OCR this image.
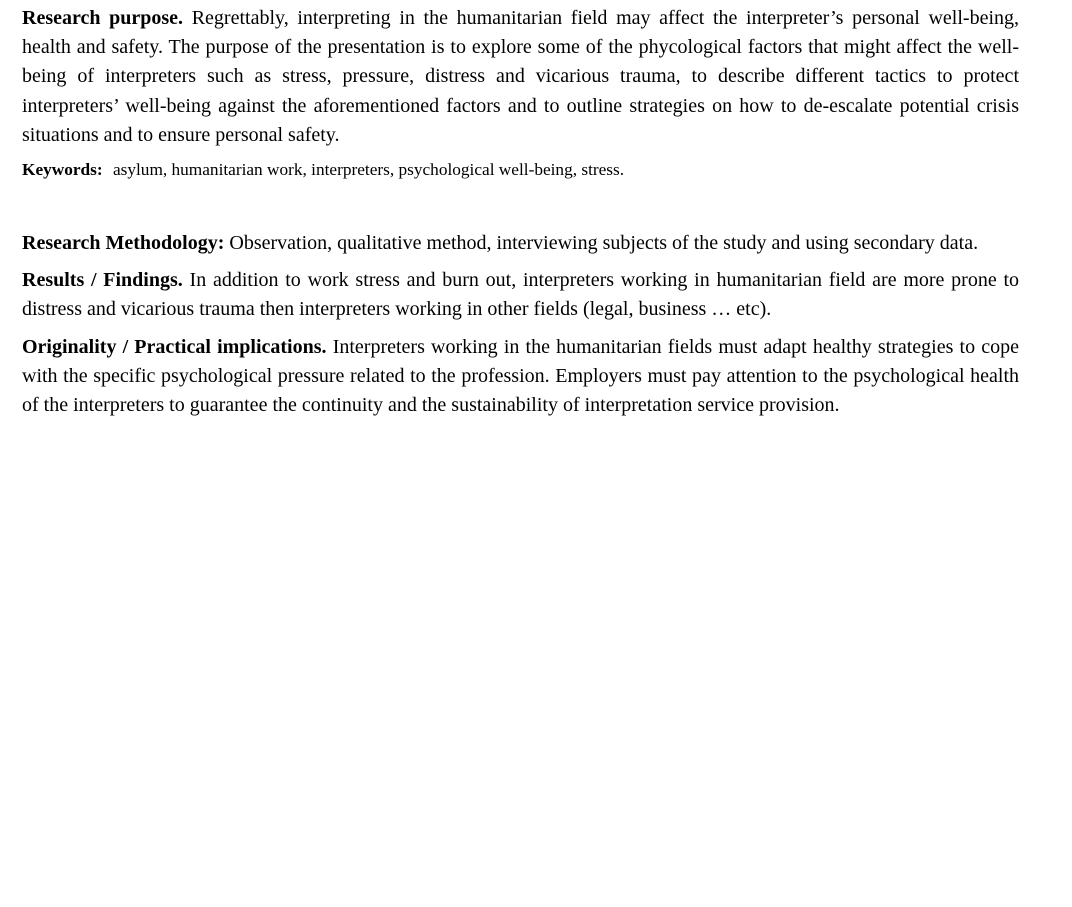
Research purpose. Regrettably, interpreting in the humanitarian field may affect the interpreter’s personal well-being, health and safety. The purpose of the presentation is to explore some of the phycological factors that might affect the well-being of interpreters such as stress, pressure, distress and vicarious trauma, to describe different tactics to protect interpreters’ well-being against the aforementioned factors and to outline strategies on how to de-escalate potential crisis situations and to ensure personal safety.

Keywords: asylum, humanitarian work, interpreters, psychological well-being, stress.

Research Methodology: Observation, qualitative method, interviewing subjects of the study and using secondary data.

Results / Findings. In addition to work stress and burn out, interpreters working in humanitarian field are more prone to distress and vicarious trauma then interpreters working in other fields (legal, business … etc).

Originality / Practical implications. Interpreters working in the humanitarian fields must adapt healthy strategies to cope with the specific psychological pressure related to the profession. Employers must pay attention to the psychological health of the interpreters to guarantee the continuity and the sustainability of interpretation service provision.
